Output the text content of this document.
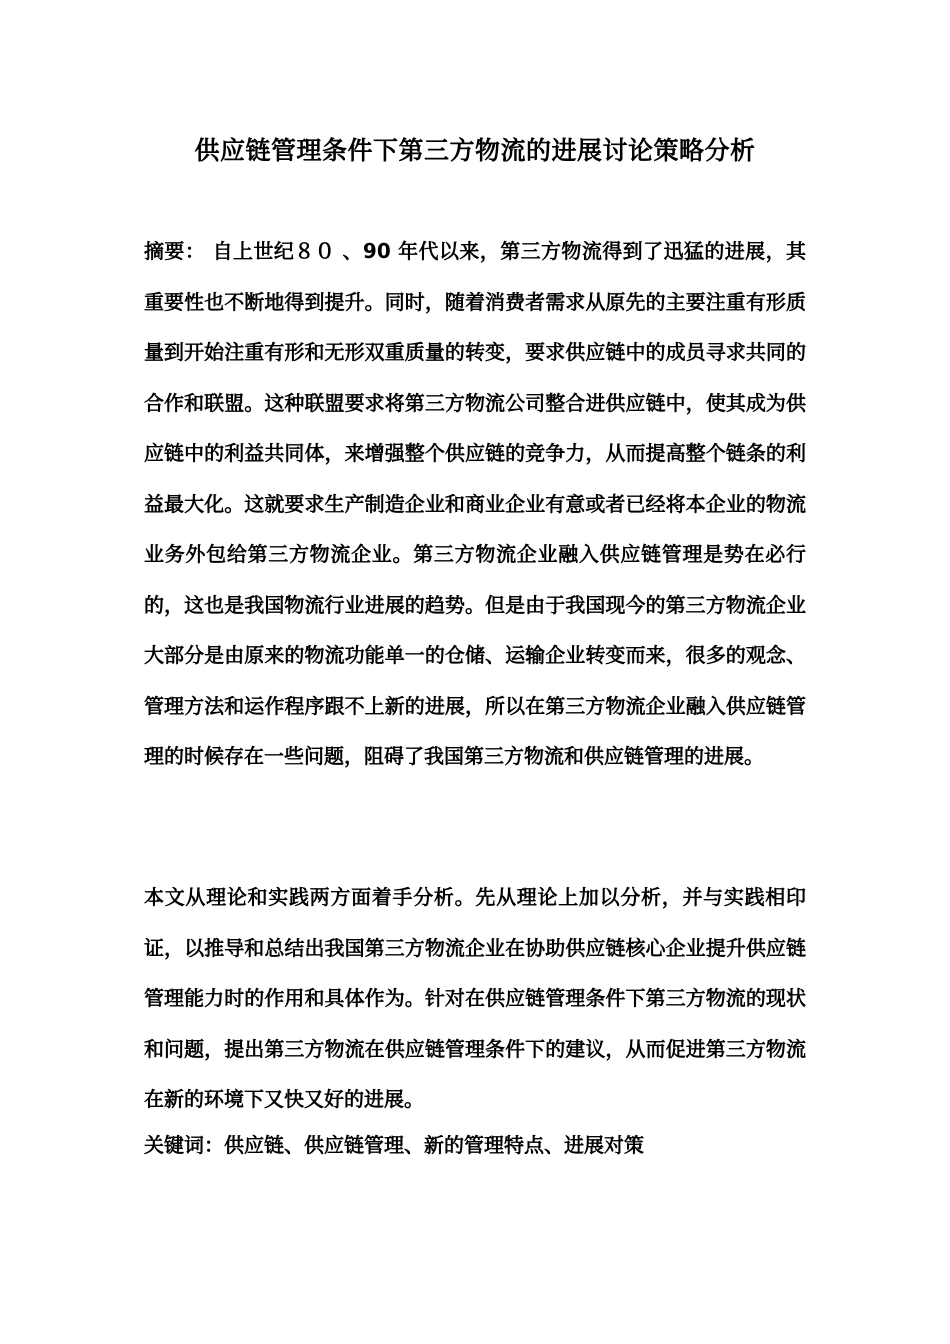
供应链管理条件下第三方物流的进展讨论策略分析

摘要： 自上世纪８０ 、90 年代以来，第三方物流得到了迅猛的进展，其重要性也不断地得到提升。同时，随着消费者需求从原先的主要注重有形质量到开始注重有形和无形双重质量的转变，要求供应链中的成员寻求共同的合作和联盟。这种联盟要求将第三方物流公司整合进供应链中，使其成为供应链中的利益共同体，来增强整个供应链的竞争力，从而提高整个链条的利益最大化。这就要求生产制造企业和商业企业有意或者已经将本企业的物流业务外包给第三方物流企业。第三方物流企业融入供应链管理是势在必行的，这也是我国物流行业进展的趋势。但是由于我国现今的第三方物流企业大部分是由原来的物流功能单一的仓储、运输企业转变而来，很多的观念、管理方法和运作程序跟不上新的进展，所以在第三方物流企业融入供应链管理的时候存在一些问题，阻碍了我国第三方物流和供应链管理的进展。

本文从理论和实践两方面着手分析。先从理论上加以分析，并与实践相印证，以推导和总结出我国第三方物流企业在协助供应链核心企业提升供应链管理能力时的作用和具体作为。针对在供应链管理条件下第三方物流的现状和问题，提出第三方物流在供应链管理条件下的建议，从而促进第三方物流在新的环境下又快又好的进展。

关键词：供应链、供应链管理、新的管理特点、进展对策
